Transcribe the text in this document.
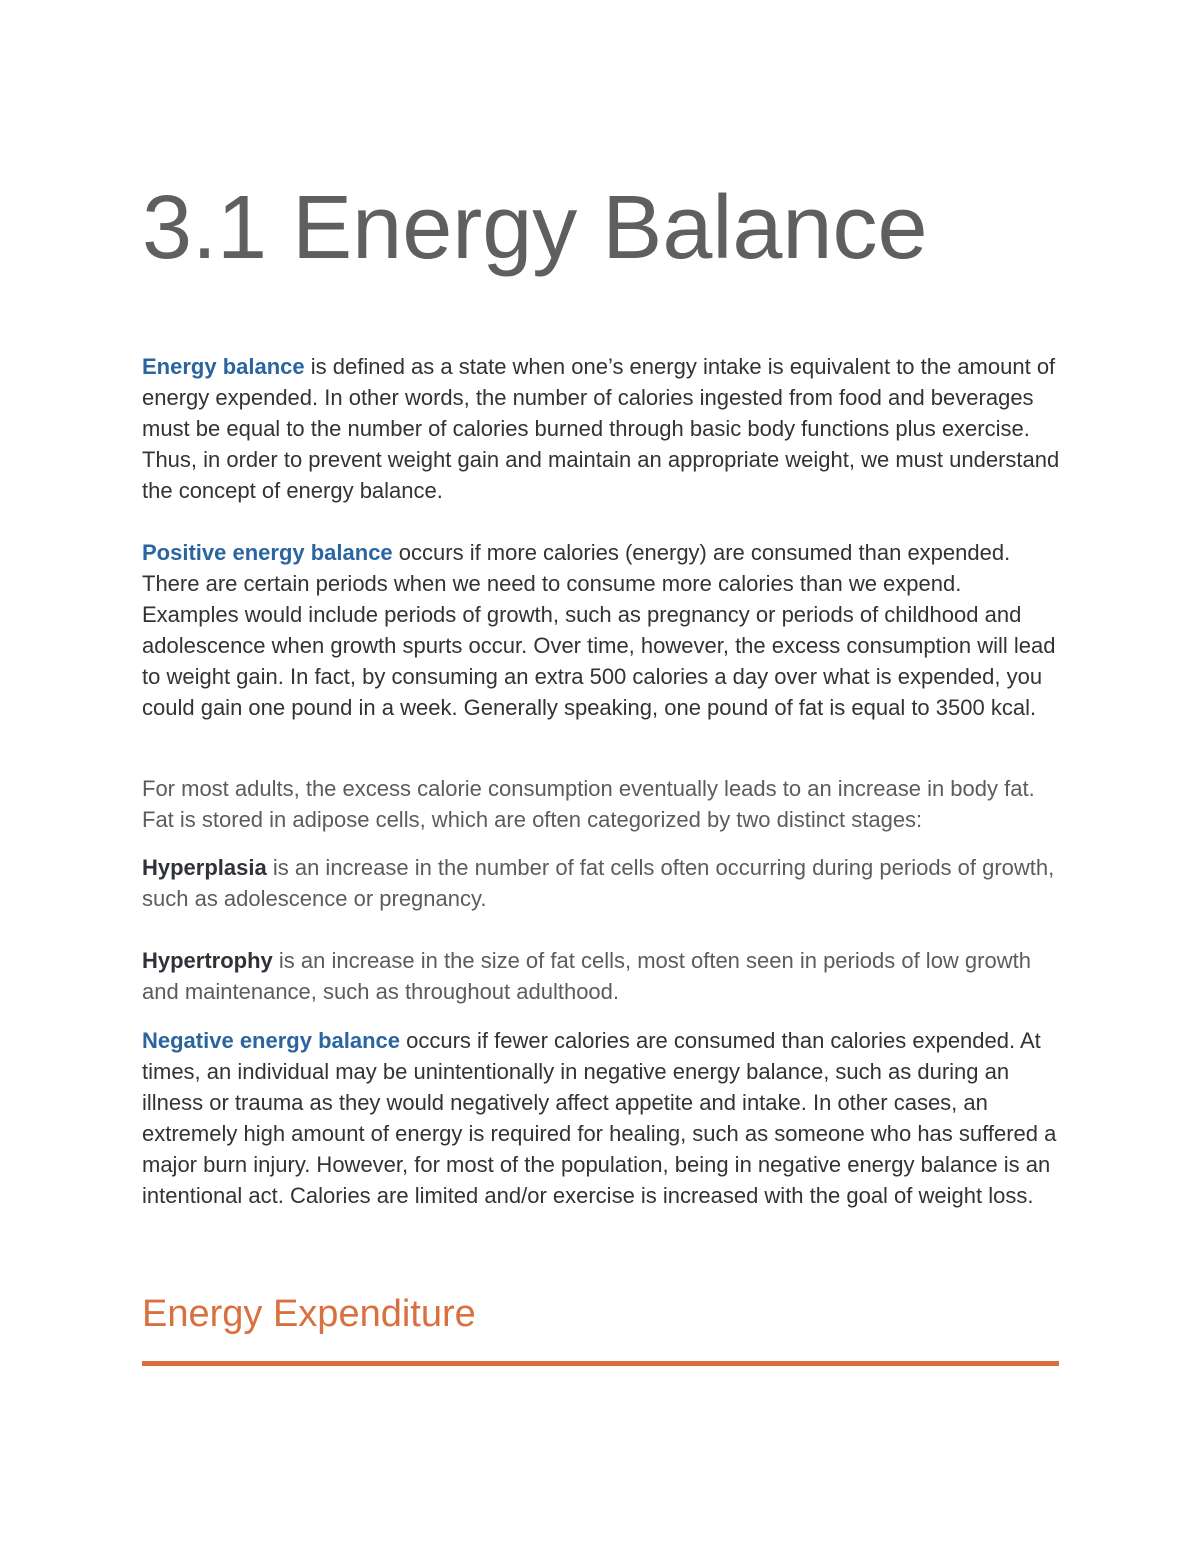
3.1 Energy Balance

Energy balance is defined as a state when one’s energy intake is equivalent to the amount of energy expended. In other words, the number of calories ingested from food and beverages must be equal to the number of calories burned through basic body functions plus exercise. Thus, in order to prevent weight gain and maintain an appropriate weight, we must understand the concept of energy balance.

Positive energy balance occurs if more calories (energy) are consumed than expended. There are certain periods when we need to consume more calories than we expend. Examples would include periods of growth, such as pregnancy or periods of childhood and adolescence when growth spurts occur. Over time, however, the excess consumption will lead to weight gain. In fact, by consuming an extra 500 calories a day over what is expended, you could gain one pound in a week. Generally speaking, one pound of fat is equal to 3500 kcal.

For most adults, the excess calorie consumption eventually leads to an increase in body fat. Fat is stored in adipose cells, which are often categorized by two distinct stages:

Hyperplasia is an increase in the number of fat cells often occurring during periods of growth, such as adolescence or pregnancy.

Hypertrophy is an increase in the size of fat cells, most often seen in periods of low growth and maintenance, such as throughout adulthood.

Negative energy balance occurs if fewer calories are consumed than calories expended. At times, an individual may be unintentionally in negative energy balance, such as during an illness or trauma as they would negatively affect appetite and intake. In other cases, an extremely high amount of energy is required for healing, such as someone who has suffered a major burn injury. However, for most of the population, being in negative energy balance is an intentional act. Calories are limited and/or exercise is increased with the goal of weight loss.

Energy Expenditure
